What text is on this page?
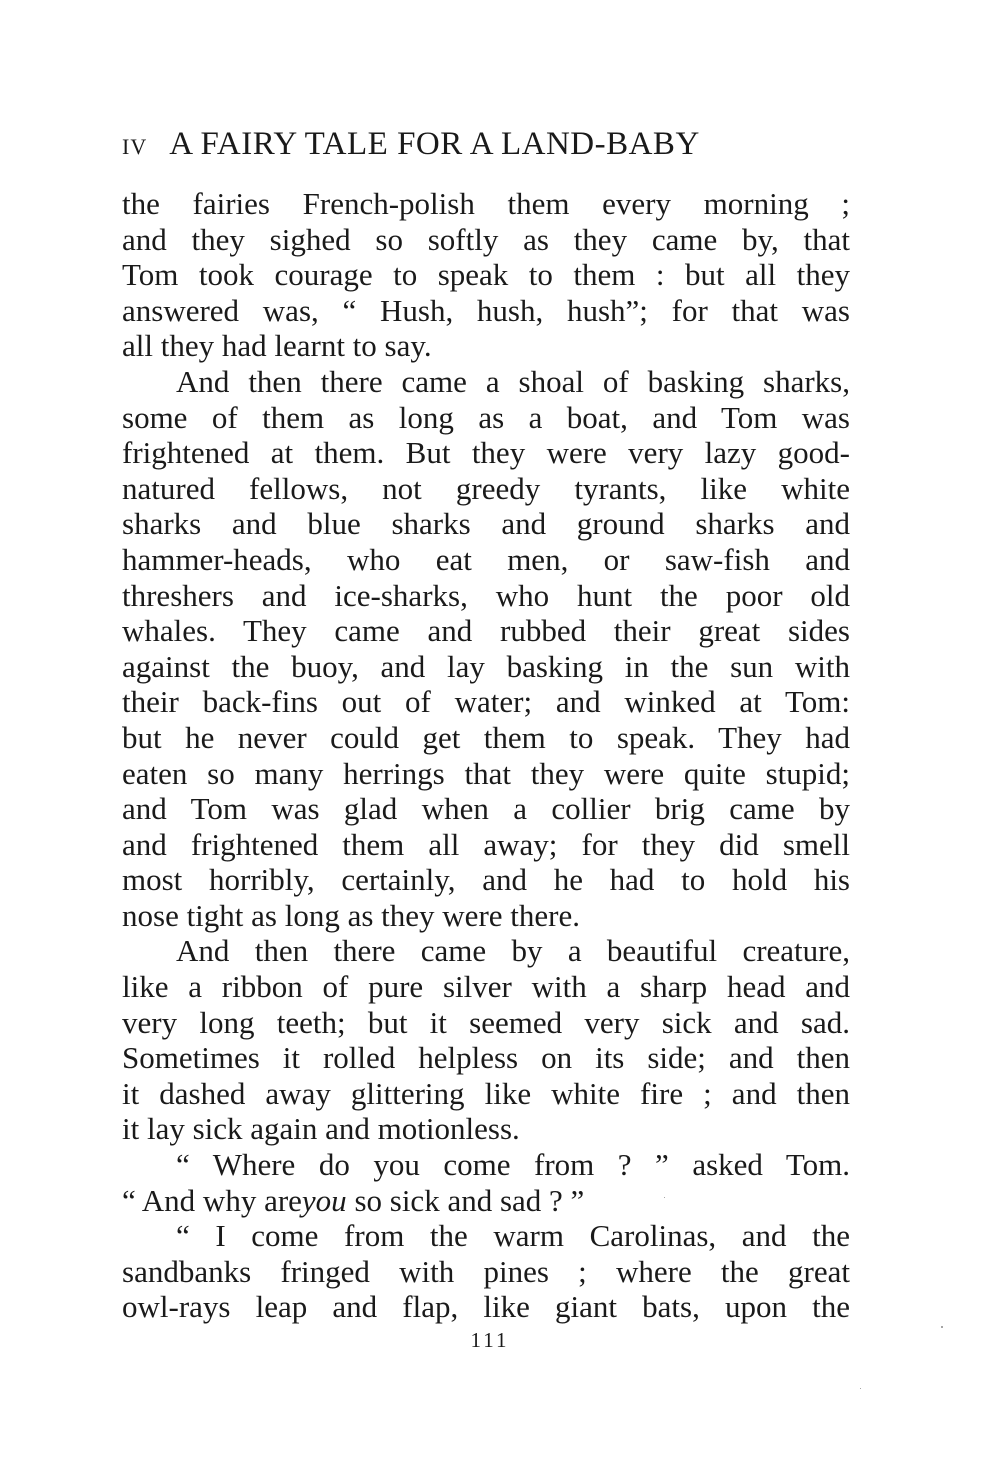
IV A FAIRY TALE FOR A LAND-BABY
the fairies French-polish them every morning ;
and they sighed so softly as they came by, that
Tom took courage to speak to them : but all they
answered was, “ Hush, hush, hush”; for that was
all they had learnt to say.
And then there came a shoal of basking sharks,
some of them as long as a boat, and Tom was
frightened at them. But they were very lazy good-
natured fellows, not greedy tyrants, like white
sharks and blue sharks and ground sharks and
hammer-heads, who eat men, or saw-fish and
threshers and ice-sharks, who hunt the poor old
whales. They came and rubbed their great sides
against the buoy, and lay basking in the sun with
their back-fins out of water; and winked at Tom:
but he never could get them to speak. They had
eaten so many herrings that they were quite stupid;
and Tom was glad when a collier brig came by
and frightened them all away; for they did smell
most horribly, certainly, and he had to hold his
nose tight as long as they were there.
And then there came by a beautiful creature,
like a ribbon of pure silver with a sharp head and
very long teeth; but it seemed very sick and sad.
Sometimes it rolled helpless on its side; and then
it dashed away glittering like white fire ; and then
it lay sick again and motionless.
“ Where do you come from ? ” asked Tom.
“ And why areyou so sick and sad ? ”
“ I come from the warm Carolinas, and the
sandbanks fringed with pines ; where the great
owl-rays leap and flap, like giant bats, upon the
111
